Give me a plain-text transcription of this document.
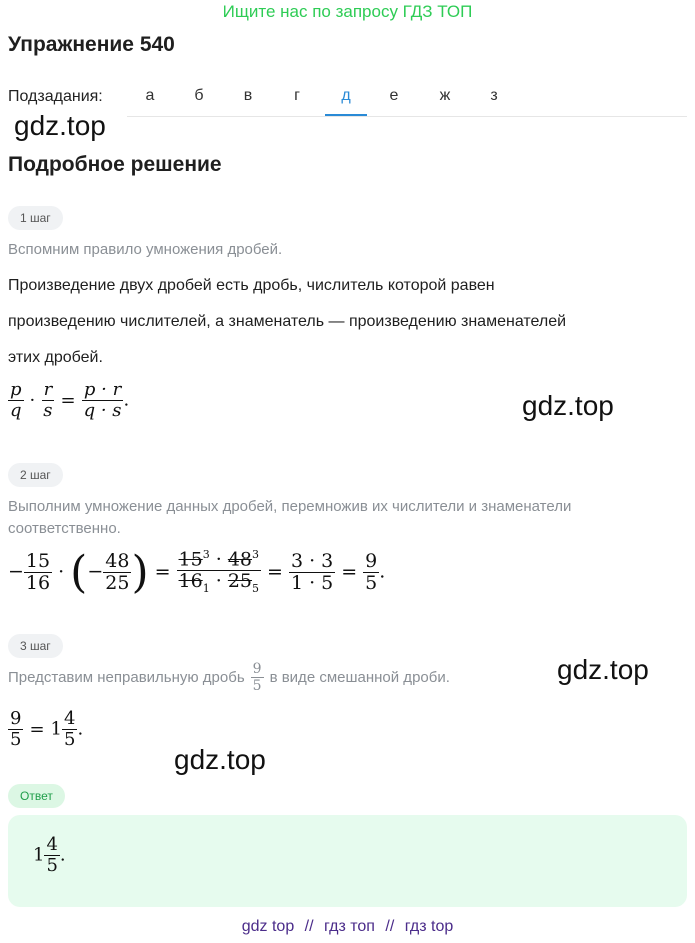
Ищите нас по запросу ГДЗ ТОП
Упражнение 540
Подзадания:	а	б	в	г	д	е	ж	з
gdz.top
Подробное решение
1 шаг
Вспомним правило умножения дробей.
Произведение двух дробей есть дробь, числитель которой равен
произведению числителей, а знаменатель — произведению знаменателей
этих дробей.
$\frac{p}{q} \cdot \frac{r}{s} = \frac{p \cdot r}{q \cdot s}$ .	gdz.top
2 шаг
Выполним умножение данных дробей, перемножив их числители и знаменатели
соответственно.
− $\frac{15}{16}$ · (− $\frac{48}{25}$ ) = $\frac{15^3 \cdot 48^3}{16_1 \cdot 25_5} = \frac{3 \cdot 3}{1 \cdot 5} = \frac{9}{5}$ .
3 шаг
gdz.top
Представим неправильную дробь $\frac{9}{5}$ в виде смешанной дроби.
$\frac{9}{5} = 1 \frac{4}{5}$ .
gdz.top
Ответ
$1 \frac{4}{5}$ .
gdz top // гдз топ // гдз top
